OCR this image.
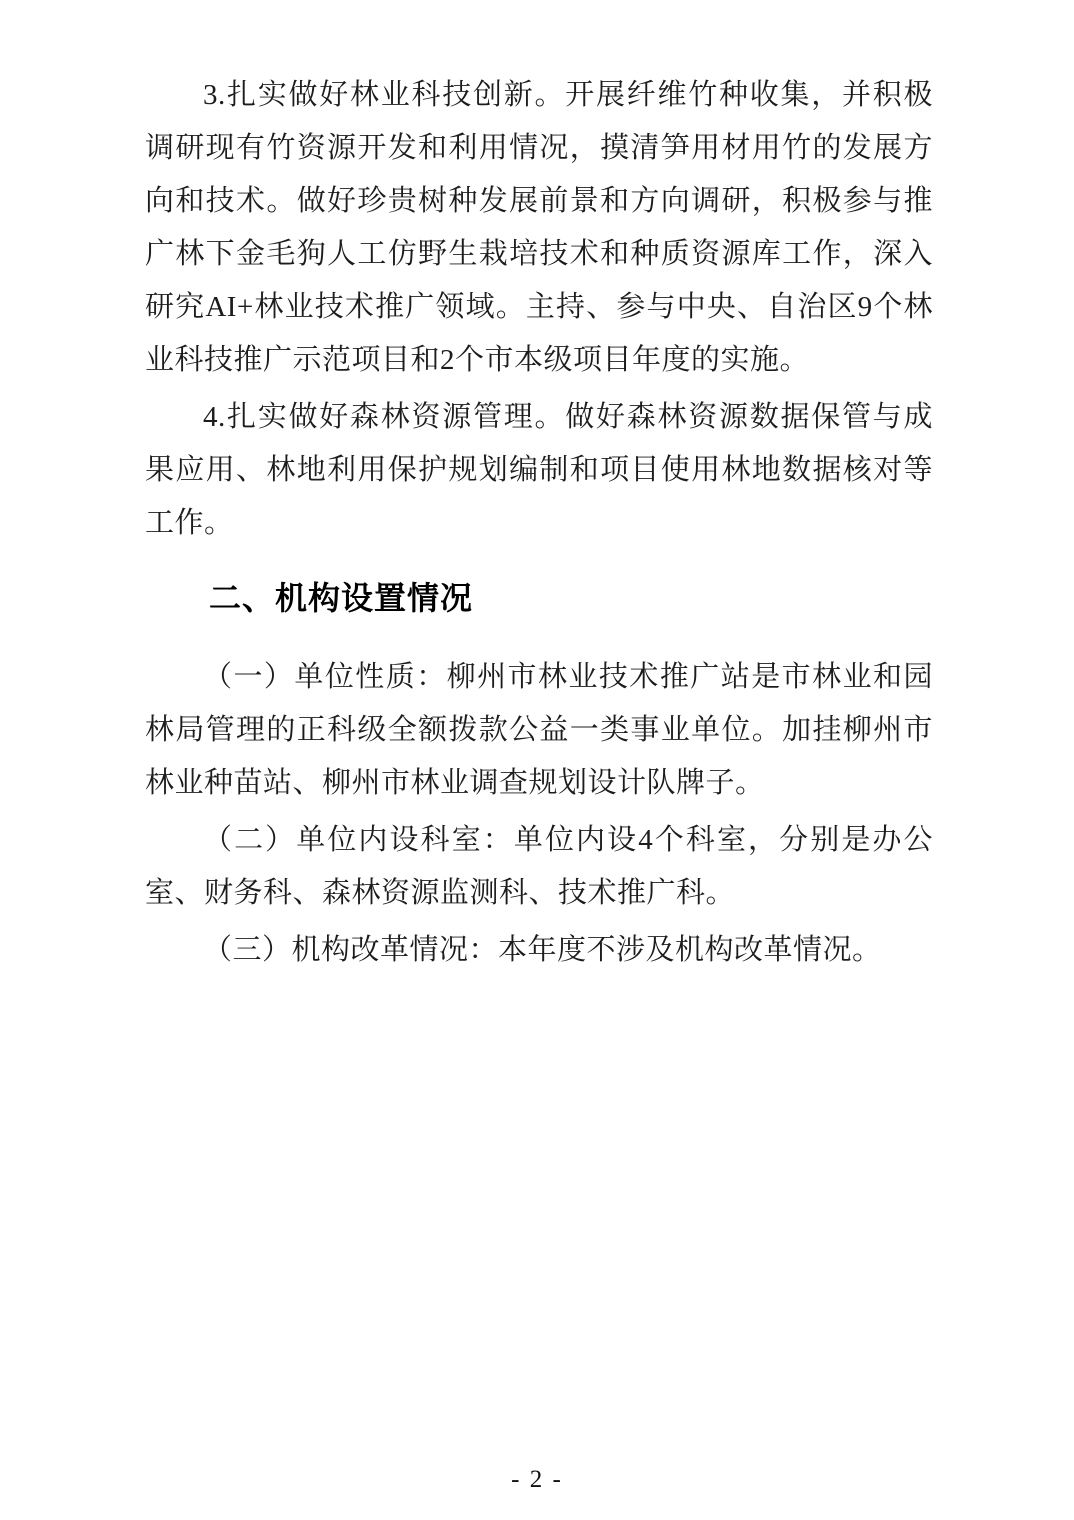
3.扎实做好林业科技创新。开展纤维竹种收集，并积极调研现有竹资源开发和利用情况，摸清笋用材用竹的发展方向和技术。做好珍贵树种发展前景和方向调研，积极参与推广林下金毛狗人工仿野生栽培技术和种质资源库工作，深入研究AI+林业技术推广领域。主持、参与中央、自治区9个林业科技推广示范项目和2个市本级项目年度的实施。

4.扎实做好森林资源管理。做好森林资源数据保管与成果应用、林地利用保护规划编制和项目使用林地数据核对等工作。

二、机构设置情况

（一）单位性质：柳州市林业技术推广站是市林业和园林局管理的正科级全额拨款公益一类事业单位。加挂柳州市林业种苗站、柳州市林业调查规划设计队牌子。

（二）单位内设科室：单位内设4个科室，分别是办公室、财务科、森林资源监测科、技术推广科。

（三）机构改革情况：本年度不涉及机构改革情况。

- 2 -
